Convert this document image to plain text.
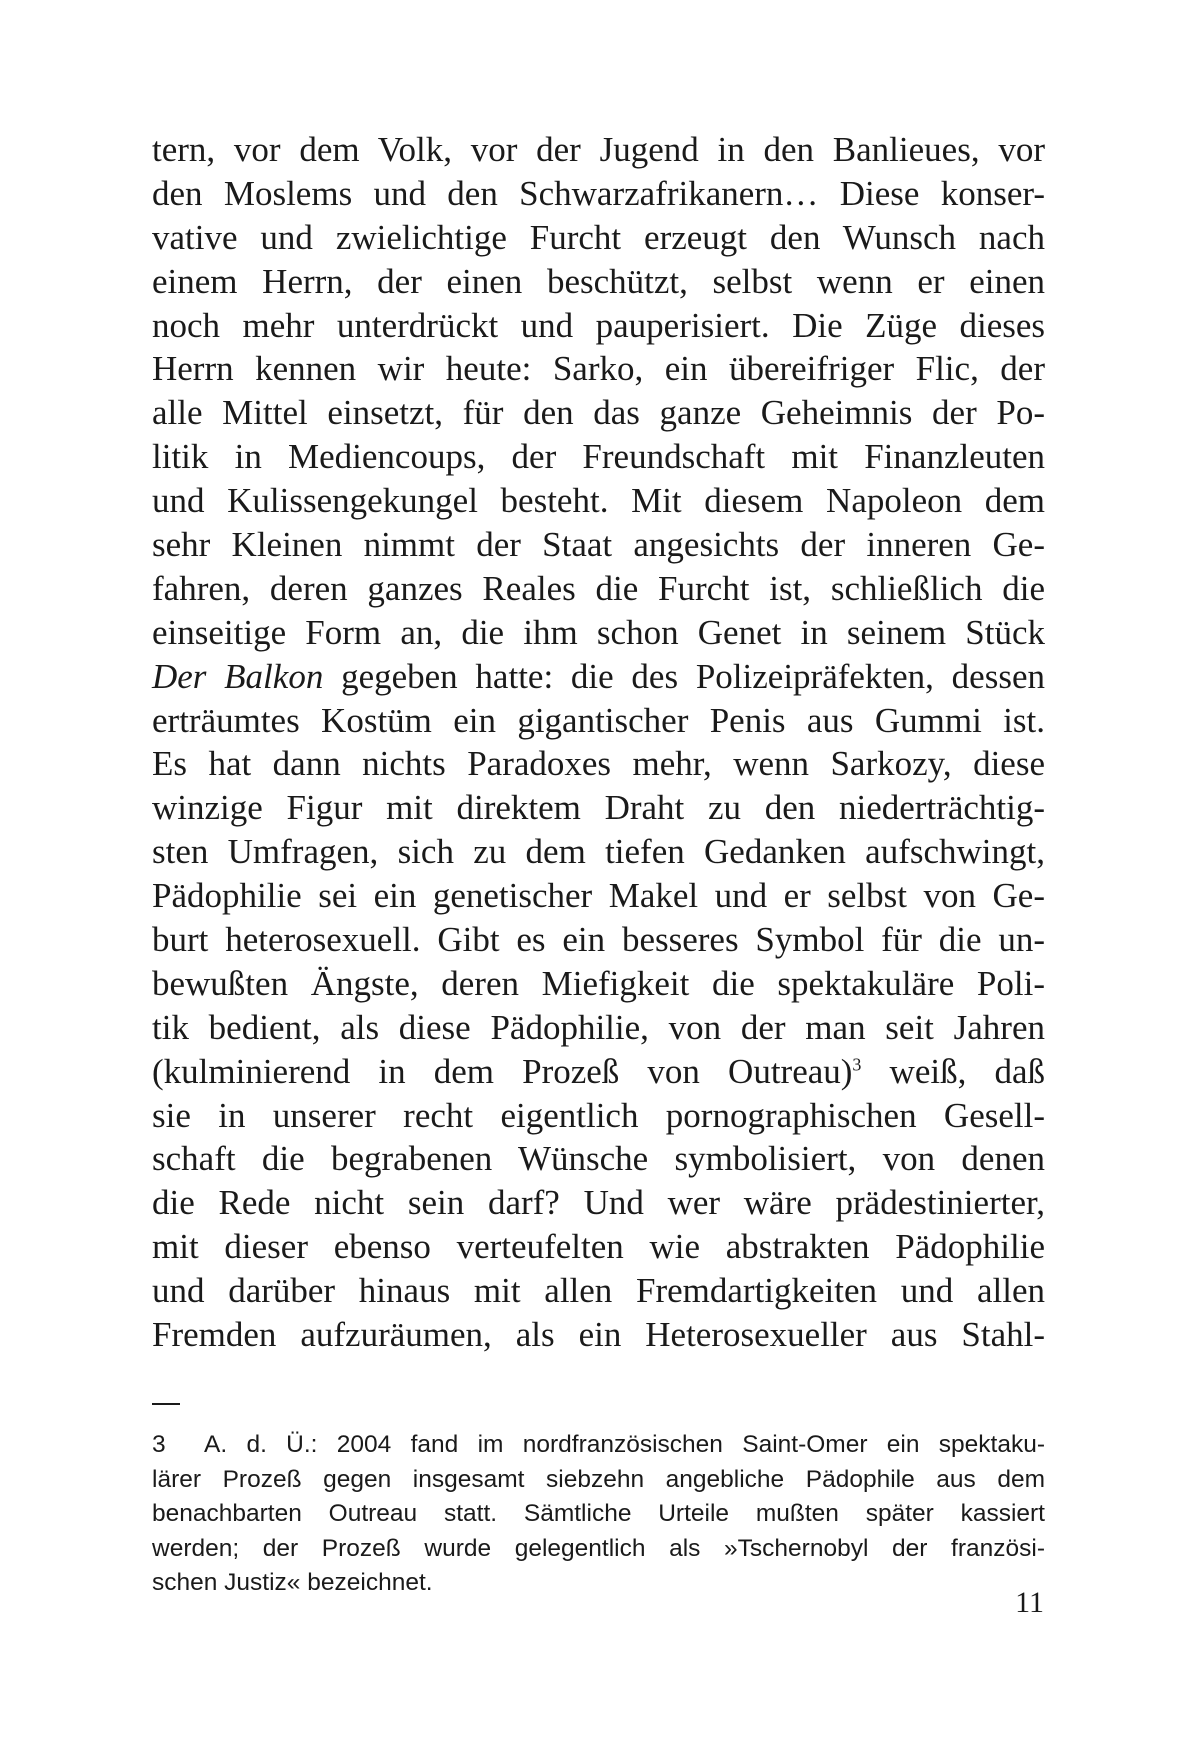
tern, vor dem Volk, vor der Jugend in den Banlieues, vor
den Moslems und den Schwarzafrikanern… Diese konser-
vative und zwielichtige Furcht erzeugt den Wunsch nach
einem Herrn, der einen beschützt, selbst wenn er einen
noch mehr unterdrückt und pauperisiert. Die Züge dieses
Herrn kennen wir heute: Sarko, ein übereifriger Flic, der
alle Mittel einsetzt, für den das ganze Geheimnis der Po-
litik in Mediencoups, der Freundschaft mit Finanzleuten
und Kulissengekungel besteht. Mit diesem Napoleon dem
sehr Kleinen nimmt der Staat angesichts der inneren Ge-
fahren, deren ganzes Reales die Furcht ist, schließlich die
einseitige Form an, die ihm schon Genet in seinem Stück
Der Balkon gegeben hatte: die des Polizeipräfekten, dessen
erträumtes Kostüm ein gigantischer Penis aus Gummi ist.
Es hat dann nichts Paradoxes mehr, wenn Sarkozy, diese
winzige Figur mit direktem Draht zu den niederträchtig-
sten Umfragen, sich zu dem tiefen Gedanken aufschwingt,
Pädophilie sei ein genetischer Makel und er selbst von Ge-
burt heterosexuell. Gibt es ein besseres Symbol für die un-
bewußten Ängste, deren Miefigkeit die spektakuläre Poli-
tik bedient, als diese Pädophilie, von der man seit Jahren
(kulminierend in dem Prozeß von Outreau)$^3$ weiß, daß
sie in unserer recht eigentlich pornographischen Gesell-
schaft die begrabenen Wünsche symbolisiert, von denen
die Rede nicht sein darf? Und wer wäre prädestinierter,
mit dieser ebenso verteufelten wie abstrakten Pädophilie
und darüber hinaus mit allen Fremdartigkeiten und allen
Fremden aufzuräumen, als ein Heterosexueller aus Stahl-
3 A. d. Ü.: 2004 fand im nordfranzösischen Saint-Omer ein spektaku-
lärer Prozeß gegen insgesamt siebzehn angebliche Pädophile aus dem
benachbarten Outreau statt. Sämtliche Urteile mußten später kassiert
werden; der Prozeß wurde gelegentlich als »Tschernobyl der französi-
schen Justiz« bezeichnet.
11
